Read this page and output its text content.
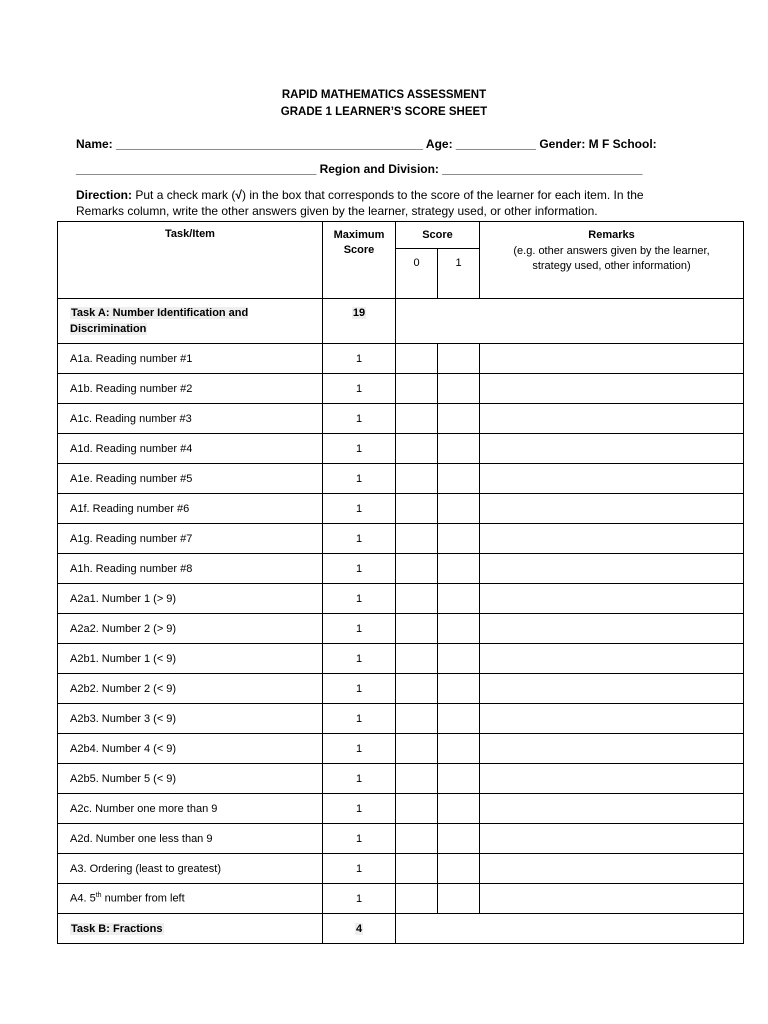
RAPID MATHEMATICS ASSESSMENT
GRADE 1 LEARNER’S SCORE SHEET
Name: ______________________________________________ Age: ____________ Gender: M F School:
____________________________________ Region and Division: ______________________________
Direction: Put a check mark (√) in the box that corresponds to the score of the learner for each item. In the
Remarks column, write the other answers given by the learner, strategy used, or other information.
Task/Item	Maximum Score	Score		Remarks
(e.g. other answers given by the learner, strategy used, other information)

		0	1	
Task A: Number Identification and Discrimination	19			
A1a. Reading number #1	1			
A1b. Reading number #2	1			
A1c. Reading number #3	1			
A1d. Reading number #4	1			
A1e. Reading number #5	1			
A1f. Reading number #6	1			
A1g. Reading number #7	1			
A1h. Reading number #8	1			
A2a1. Number 1 (> 9)	1			
A2a2. Number 2 (> 9)	1			
A2b1. Number 1 (< 9)	1			
A2b2. Number 2 (< 9)	1			
A2b3. Number 3 (< 9)	1			
A2b4. Number 4 (< 9)	1			
A2b5. Number 5 (< 9)	1			
A2c. Number one more than 9	1			
A2d. Number one less than 9	1			
A3. Ordering (least to greatest)	1			
A4. 5th number from left	1			
Task B: Fractions	4			
